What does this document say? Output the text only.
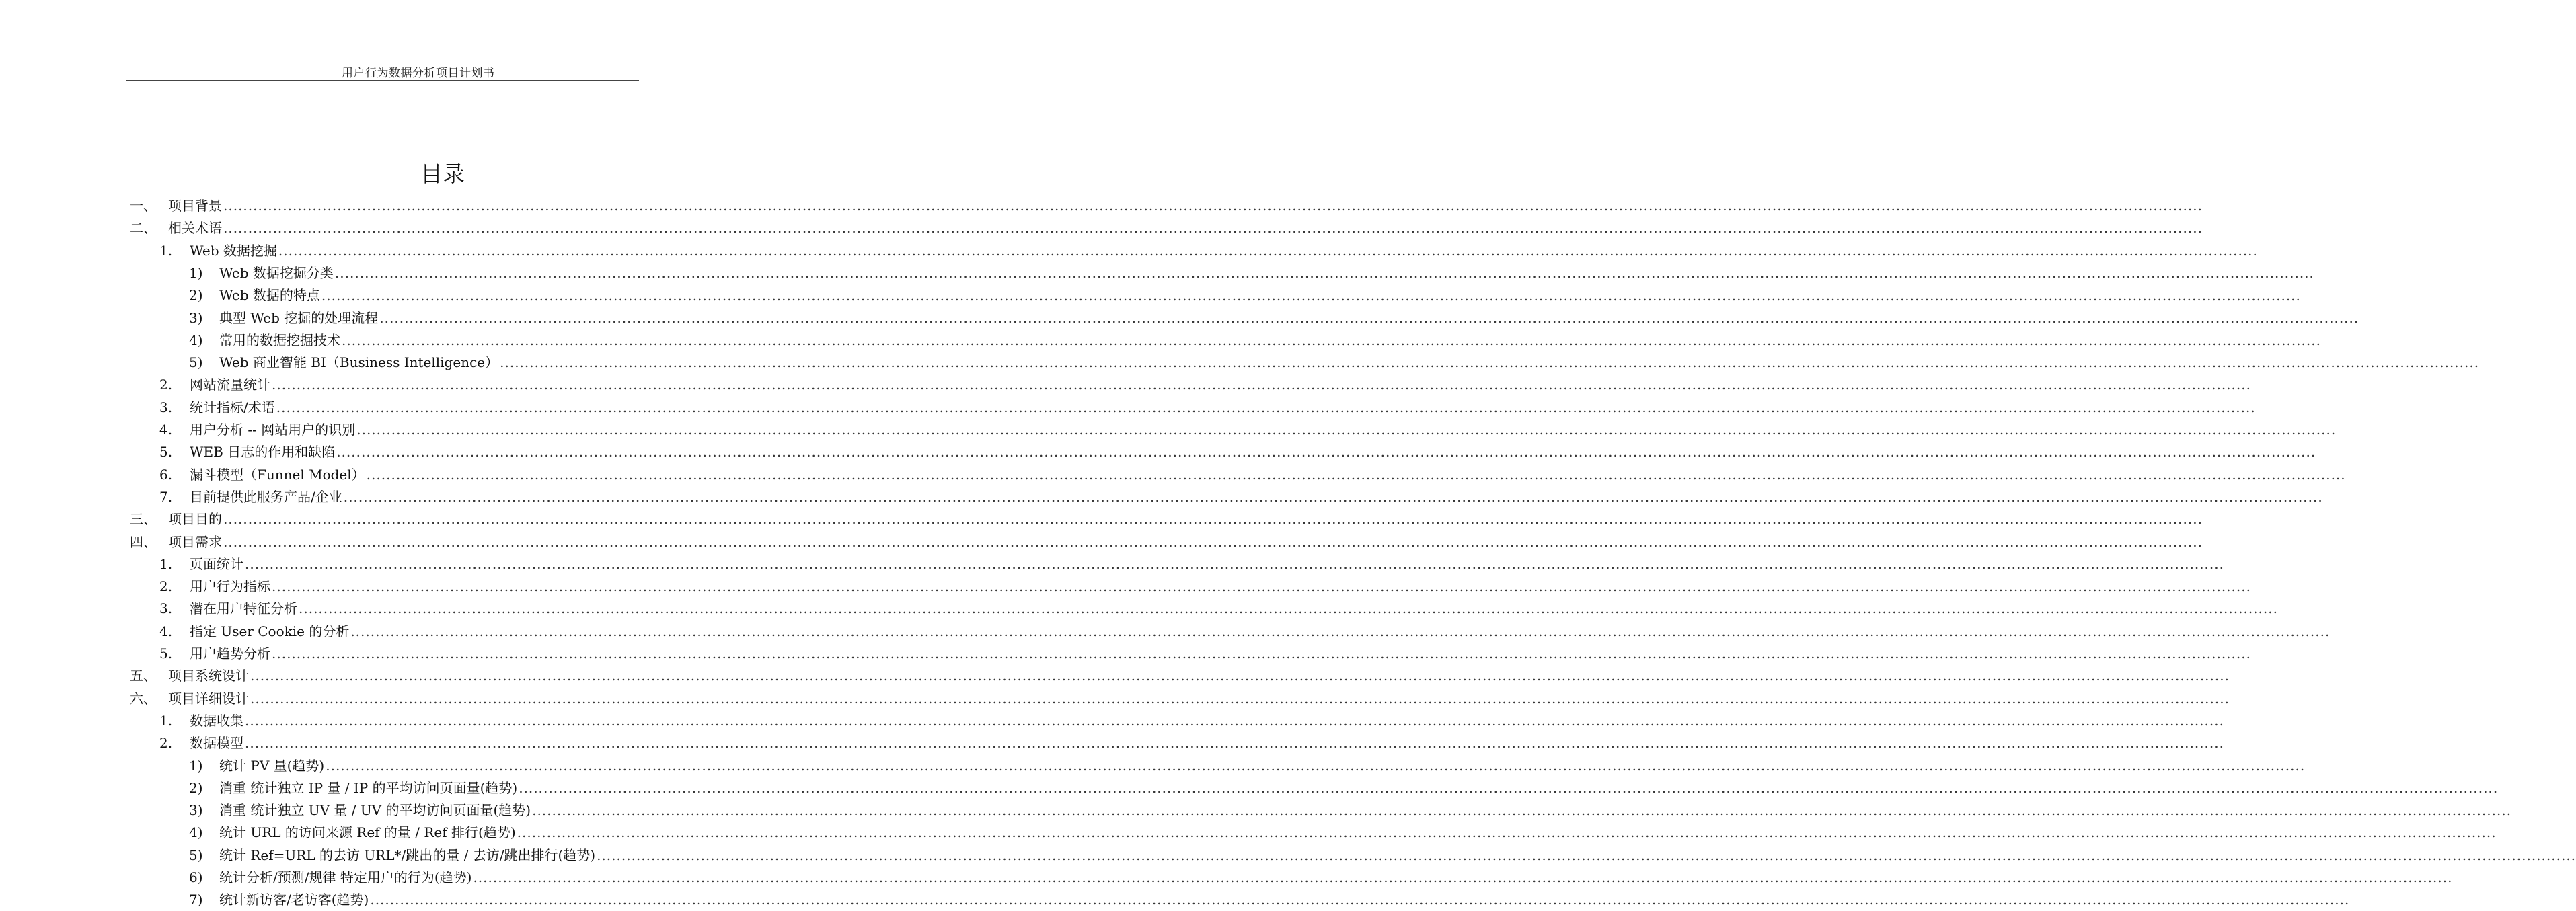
用户行为数据分析项目计划书
目录
一、 项目背景 ................................................................................................................................................................................................................................................................................................................................................................................................................
二、 相关术语 ................................................................................................................................................................................................................................................................................................................................................................................................................
1. Web 数据挖掘 ................................................................................................................................................................................................................................................................................................................................................................................................................
1) Web 数据挖掘分类 ................................................................................................................................................................................................................................................................................................................................................................................................................
2) Web 数据的特点 ................................................................................................................................................................................................................................................................................................................................................................................................................
3) 典型 Web 挖掘的处理流程 ................................................................................................................................................................................................................................................................................................................................................................................................................
4) 常用的数据挖掘技术 ................................................................................................................................................................................................................................................................................................................................................................................................................
5) Web 商业智能 BI（Business Intelligence） ................................................................................................................................................................................................................................................................................................................................................................................................................
2. 网站流量统计 ................................................................................................................................................................................................................................................................................................................................................................................................................
3. 统计指标/术语 ................................................................................................................................................................................................................................................................................................................................................................................................................
4. 用户分析 -- 网站用户的识别 ................................................................................................................................................................................................................................................................................................................................................................................................................
5. WEB 日志的作用和缺陷 ................................................................................................................................................................................................................................................................................................................................................................................................................
6. 漏斗模型（Funnel Model） ................................................................................................................................................................................................................................................................................................................................................................................................................
7. 目前提供此服务产品/企业 ................................................................................................................................................................................................................................................................................................................................................................................................................
三、 项目目的 ................................................................................................................................................................................................................................................................................................................................................................................................................
四、 项目需求 ................................................................................................................................................................................................................................................................................................................................................................................................................
1. 页面统计 ................................................................................................................................................................................................................................................................................................................................................................................................................
2. 用户行为指标 ................................................................................................................................................................................................................................................................................................................................................................................................................
3. 潜在用户特征分析 ................................................................................................................................................................................................................................................................................................................................................................................................................
4. 指定 User Cookie 的分析 ................................................................................................................................................................................................................................................................................................................................................................................................................
5. 用户趋势分析 ................................................................................................................................................................................................................................................................................................................................................................................................................
五、 项目系统设计 ................................................................................................................................................................................................................................................................................................................................................................................................................
六、 项目详细设计 ................................................................................................................................................................................................................................................................................................................................................................................................................
1. 数据收集 ................................................................................................................................................................................................................................................................................................................................................................................................................
2. 数据模型 ................................................................................................................................................................................................................................................................................................................................................................................................................
1) 统计 PV 量(趋势) ................................................................................................................................................................................................................................................................................................................................................................................................................
2) 消重 统计独立 IP 量 / IP 的平均访问页面量(趋势) ................................................................................................................................................................................................................................................................................................................................................................................................................
3) 消重 统计独立 UV 量 / UV 的平均访问页面量(趋势) ................................................................................................................................................................................................................................................................................................................................................................................................................
4) 统计 URL 的访问来源 Ref 的量 / Ref 排行(趋势) ................................................................................................................................................................................................................................................................................................................................................................................................................
5) 统计 Ref=URL 的去访 URL*/跳出的量 / 去访/跳出排行(趋势) ................................................................................................................................................................................................................................................................................................................................................................................................................
6) 统计分析/预测/规律 特定用户的行为(趋势) ................................................................................................................................................................................................................................................................................................................................................................................................................
7) 统计新访客/老访客(趋势) ................................................................................................................................................................................................................................................................................................................................................................................................................
